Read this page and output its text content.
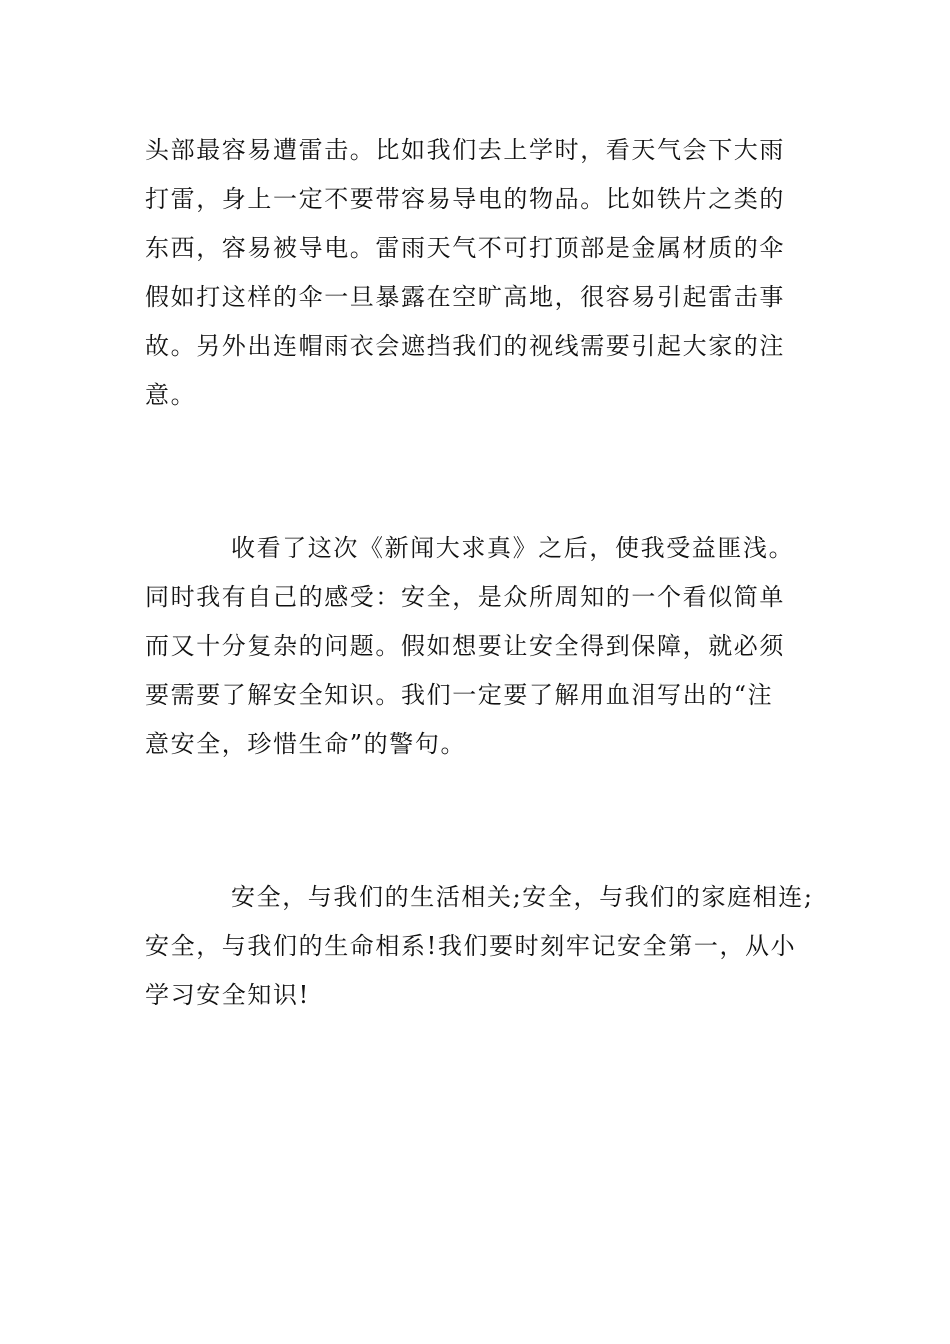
头部最容易遭雷击。比如我们去上学时，看天气会下大雨
打雷，身上一定不要带容易导电的物品。比如铁片之类的
东西，容易被导电。雷雨天气不可打顶部是金属材质的伞
假如打这样的伞一旦暴露在空旷高地，很容易引起雷击事
故。另外出连帽雨衣会遮挡我们的视线需要引起大家的注
意。
收看了这次《新闻大求真》之后，使我受益匪浅。
同时我有自己的感受：安全，是众所周知的一个看似简单
而又十分复杂的问题。假如想要让安全得到保障，就必须
要需要了解安全知识。我们一定要了解用血泪写出的“注
意安全，珍惜生命”的警句。
安全，与我们的生活相关;安全，与我们的家庭相连;
安全，与我们的生命相系!我们要时刻牢记安全第一，从小
学习安全知识!
